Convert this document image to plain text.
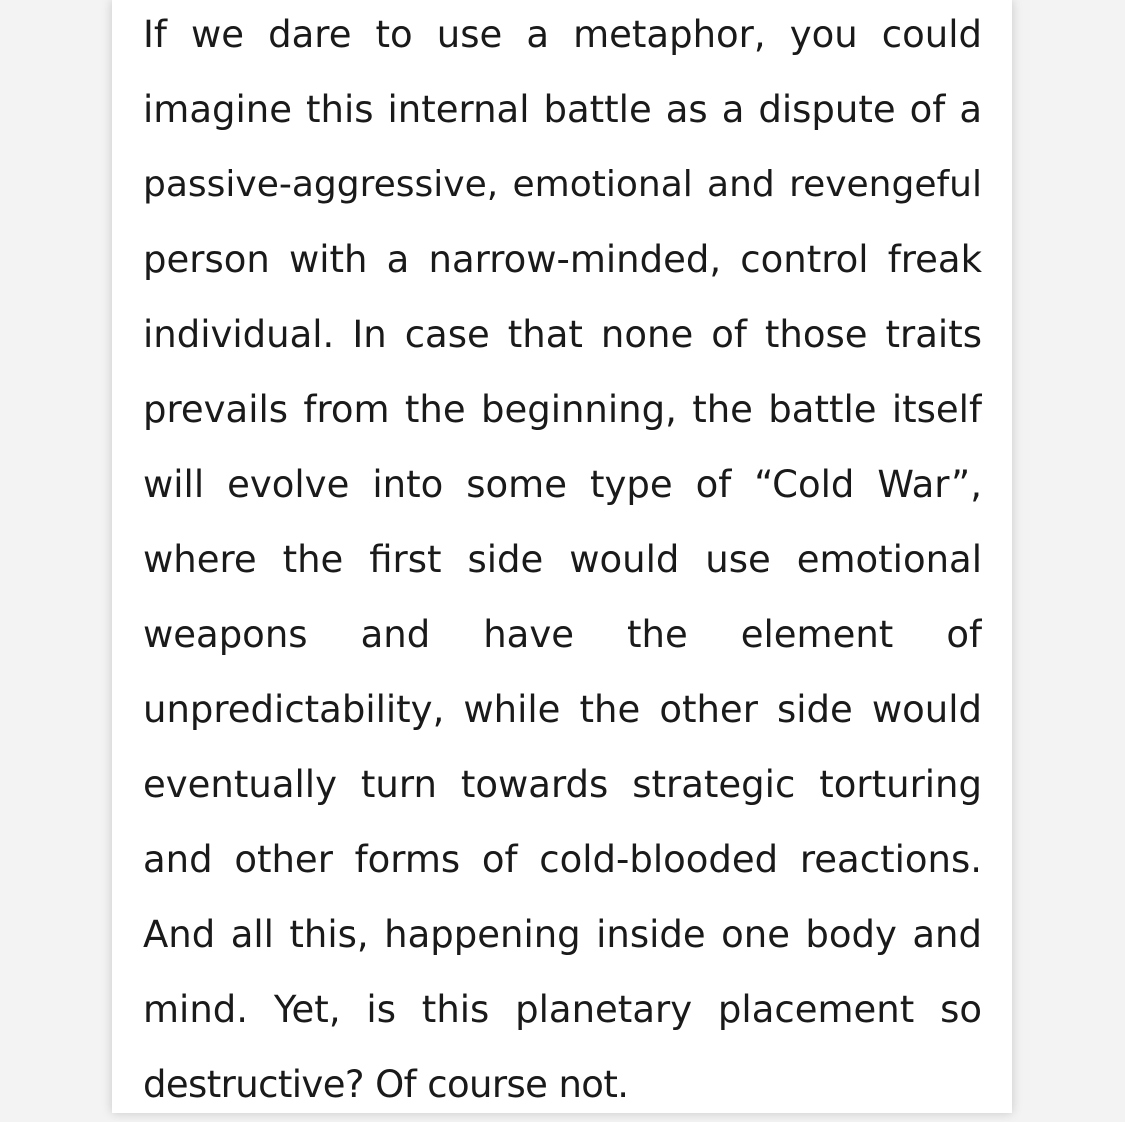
If we dare to use a metaphor, you could
imagine this internal battle as a dispute of a
passive-aggressive, emotional and revengeful
person with a narrow-minded, control freak
individual. In case that none of those traits
prevails from the beginning, the battle itself
will evolve into some type of “Cold War”,
where the first side would use emotional
weapons and have the element of
unpredictability, while the other side would
eventually turn towards strategic torturing
and other forms of cold-blooded reactions.
And all this, happening inside one body and
mind. Yet, is this planetary placement so
destructive? Of course not.
